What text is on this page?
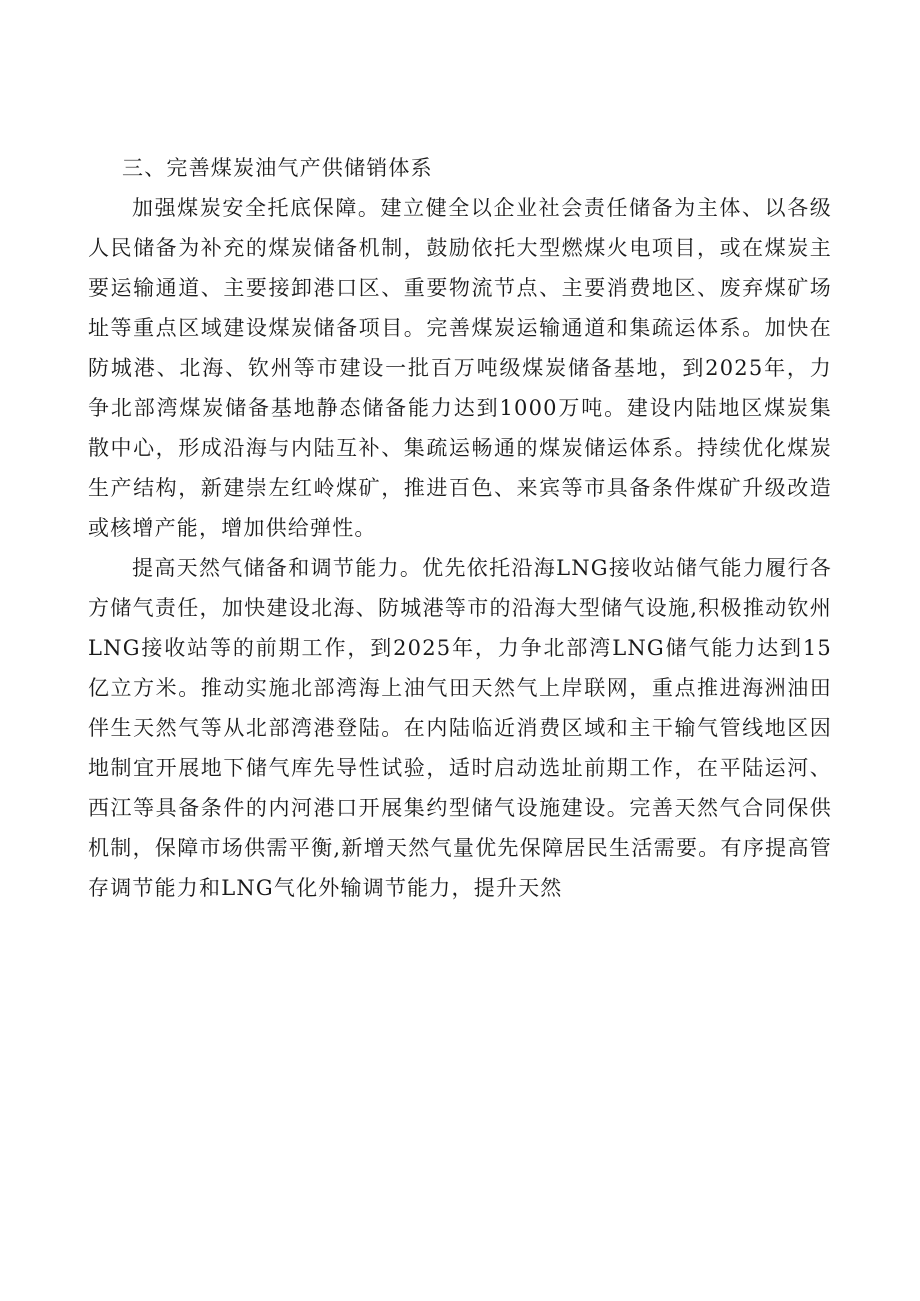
三、完善煤炭油气产供储销体系

加强煤炭安全托底保障。建立健全以企业社会责任储备为主体、以各级人民储备为补充的煤炭储备机制，鼓励依托大型燃煤火电项目，或在煤炭主要运输通道、主要接卸港口区、重要物流节点、主要消费地区、废弃煤矿场址等重点区域建设煤炭储备项目。完善煤炭运输通道和集疏运体系。加快在防城港、北海、钦州等市建设一批百万吨级煤炭储备基地，到2025年，力争北部湾煤炭储备基地静态储备能力达到1000万吨。建设内陆地区煤炭集散中心，形成沿海与内陆互补、集疏运畅通的煤炭储运体系。持续优化煤炭生产结构，新建崇左红岭煤矿，推进百色、来宾等市具备条件煤矿升级改造或核增产能，增加供给弹性。

提高天然气储备和调节能力。优先依托沿海LNG接收站储气能力履行各方储气责任，加快建设北海、防城港等市的沿海大型储气设施,积极推动钦州LNG接收站等的前期工作，到2025年，力争北部湾LNG储气能力达到15亿立方米。推动实施北部湾海上油气田天然气上岸联网，重点推进海洲油田伴生天然气等从北部湾港登陆。在内陆临近消费区域和主干输气管线地区因地制宜开展地下储气库先导性试验，适时启动选址前期工作，在平陆运河、西江等具备条件的内河港口开展集约型储气设施建设。完善天然气合同保供机制，保障市场供需平衡,新增天然气量优先保障居民生活需要。有序提高管存调节能力和LNG气化外输调节能力，提升天然
